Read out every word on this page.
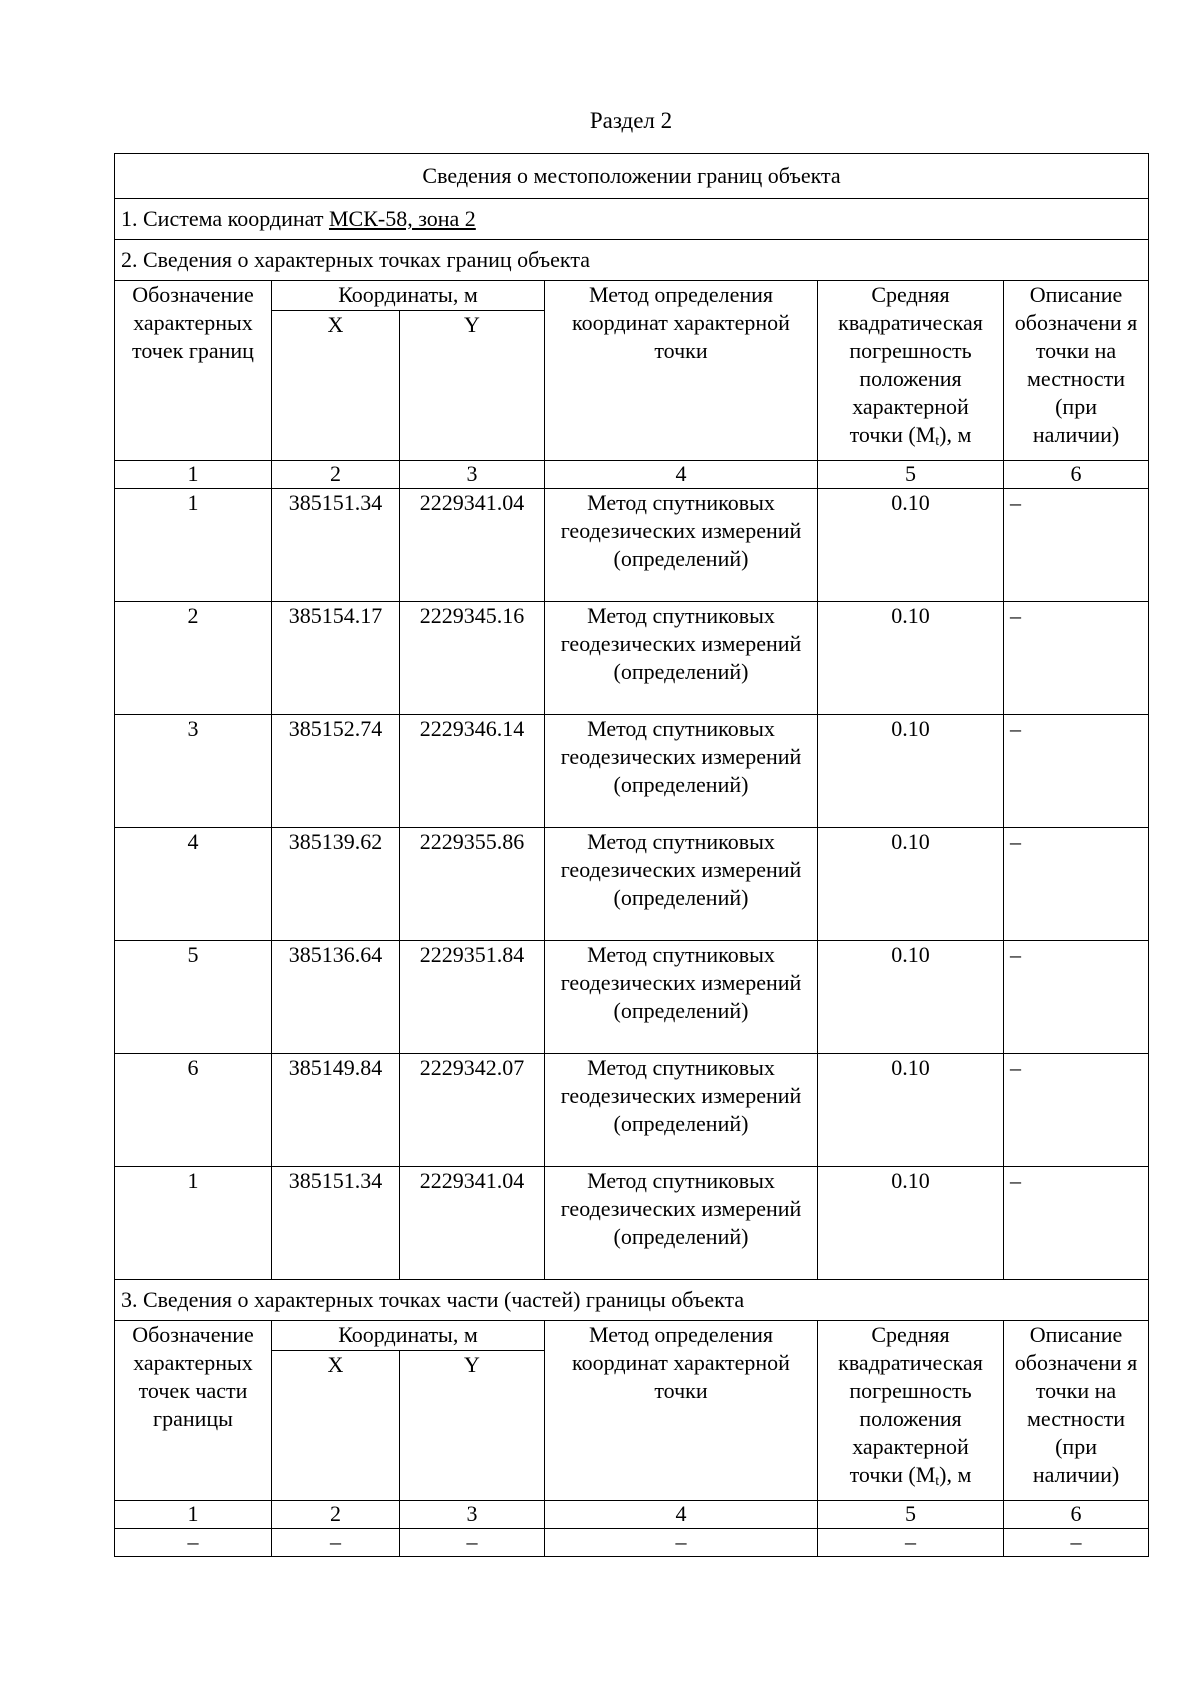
Раздел 2
Сведения о местоположении границ объекта					
1. Система координат МСК-58, зона 2					
2. Сведения о характерных точках границ объекта					
Обозначение характерных точек границ	Координаты, м		Метод определения координат характерной точки	Средняя квадратическая погрешность положения характерной точки $(M_t)$, м	Описание обозначени я точки на местности (при наличии)
	X	Y			
1	2	3	4	5	6
1	385151.34	2229341.04	Метод спутниковых геодезических измерений (определений)	0.10	–
2	385154.17	2229345.16	Метод спутниковых геодезических измерений (определений)	0.10	–
3	385152.74	2229346.14	Метод спутниковых геодезических измерений (определений)	0.10	–
4	385139.62	2229355.86	Метод спутниковых геодезических измерений (определений)	0.10	–
5	385136.64	2229351.84	Метод спутниковых геодезических измерений (определений)	0.10	–
6	385149.84	2229342.07	Метод спутниковых геодезических измерений (определений)	0.10	–
1	385151.34	2229341.04	Метод спутниковых геодезических измерений (определений)	0.10	–
3. Сведения о характерных точках части (частей) границы объекта					
Обозначение характерных точек части границы	Координаты, м		Метод определения координат характерной точки	Средняя квадратическая погрешность положения характерной точки $(M_t)$, м	Описание обозначени я точки на местности (при наличии)
	X	Y			
1	2	3	4	5	6
–	–	–	–	–	–
